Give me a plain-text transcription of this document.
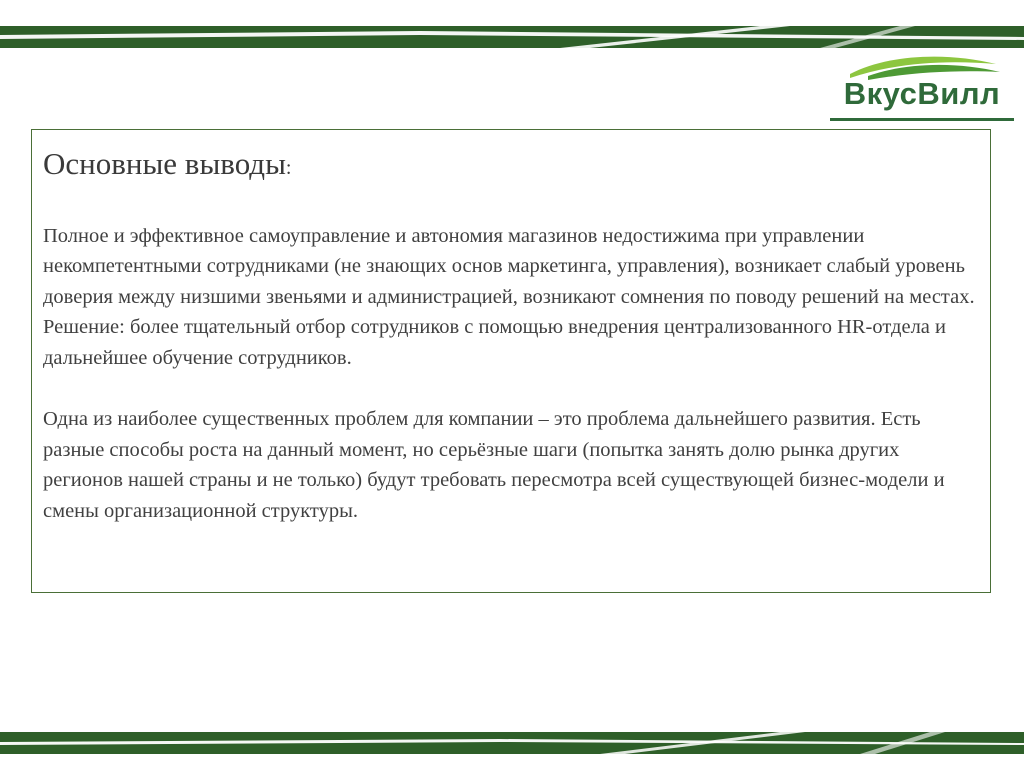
ВкусВилл
Основные выводы:

Полное и эффективное самоуправление и автономия магазинов недостижима при управлении некомпетентными сотрудниками (не знающих основ маркетинга, управления), возникает слабый уровень доверия между низшими звеньями и администрацией, возникают сомнения по поводу решений на местах.

Решение: более тщательный отбор сотрудников с помощью внедрения централизованного HR-отдела и дальнейшее обучение сотрудников.

Одна из наиболее существенных проблем для компании – это проблема дальнейшего развития. Есть разные способы роста на данный момент, но серьёзные шаги (попытка занять долю рынка других регионов нашей страны и не только) будут требовать пересмотра всей существующей бизнес-модели и смены организационной структуры.
